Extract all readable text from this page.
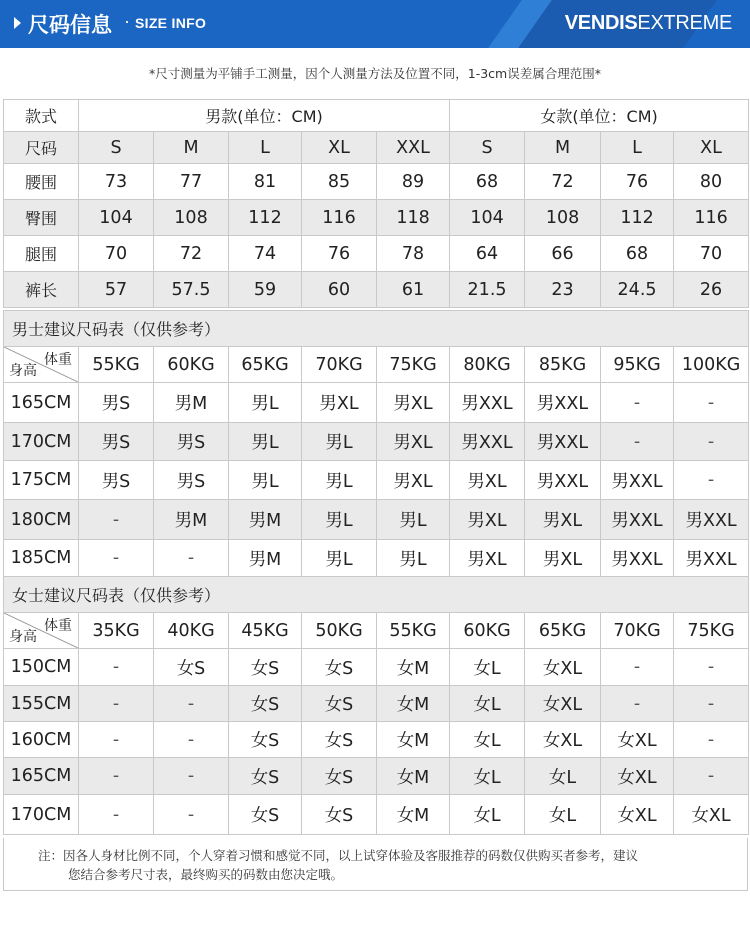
尺码信息 · SIZE INFO	VENDISEXTREME
*尺寸测量为平铺手工测量，因个人测量方法及位置不同，1-3cm误差属合理范围*
款式	男款(单位：CM)					女款(单位：CM)			
尺码	S	M	L	XL	XXL	S	M	L	XL
腰围	73	77	81	85	89	68	72	76	80
臀围	104	108	112	116	118	104	108	112	116
腿围	70	72	74	76	78	64	66	68	70
裤长	57	57.5	59	60	61	21.5	23	24.5	26
男士建议尺码表（仅供参考）									

体重
身高	55KG	60KG	65KG	70KG	75KG	80KG	85KG	95KG	100KG
165CM	男S	男M	男L	男XL	男XL	男XXL	男XXL	-	-
170CM	男S	男S	男L	男L	男XL	男XXL	男XXL	-	-
175CM	男S	男S	男L	男L	男XL	男XL	男XXL	男XXL	-
180CM	-	男M	男M	男L	男L	男XL	男XL	男XXL	男XXL
185CM	-	-	男M	男L	男L	男XL	男XL	男XXL	男XXL
女士建议尺码表（仅供参考）									

体重
身高	35KG	40KG	45KG	50KG	55KG	60KG	65KG	70KG	75KG
150CM	-	女S	女S	女S	女M	女L	女XL	-	-
155CM	-	-	女S	女S	女M	女L	女XL	-	-
160CM	-	-	女S	女S	女M	女L	女XL	女XL	-
165CM	-	-	女S	女S	女M	女L	女L	女XL	-
170CM	-	-	女S	女S	女M	女L	女L	女XL	女XL
注：因各人身材比例不同，个人穿着习惯和感觉不同，以上试穿体验及客服推荐的码数仅供购买者参考，建议
您结合参考尺寸表，最终购买的码数由您决定哦。
